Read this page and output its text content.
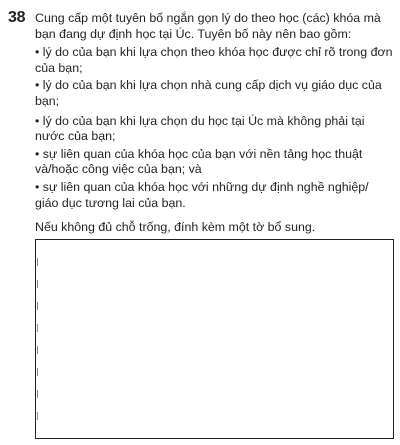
38 Cung cấp một tuyên bố ngắn gọn lý do theo học (các) khóa mà bạn đang dự định học tại Úc. Tuyên bố này nên bao gồm:

• lý do của bạn khi lựa chọn theo khóa học được chỉ rõ trong đơn của bạn;
• lý do của bạn khi lựa chọn nhà cung cấp dịch vụ giáo dục của bạn;
• lý do của bạn khi lựa chọn du học tại Úc mà không phải tại nước của bạn;
• sự liên quan của khóa học của bạn với nền tảng học thuật và/hoặc công việc của bạn; và
• sự liên quan của khóa học với những dự định nghề nghiệp/ giáo dục tương lai của bạn.

Nếu không đủ chỗ trống, đính kèm một tờ bổ sung.
